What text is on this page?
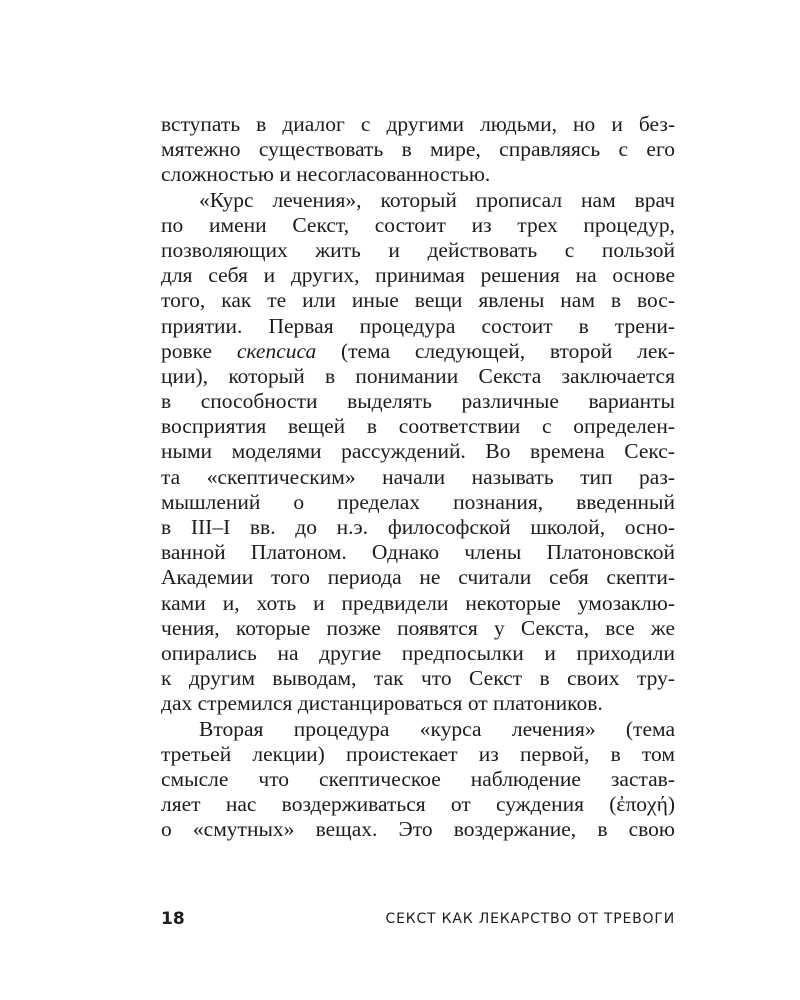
вступать в диалог с другими людьми, но и без-
мятежно существовать в мире, справляясь с его
сложностью и несогласованностью.
«Курс лечения», который прописал нам врач
по имени Секст, состоит из трех процедур,
позволяющих жить и действовать с пользой
для себя и других, принимая решения на основе
того, как те или иные вещи явлены нам в вос-
приятии. Первая процедура состоит в трени-
ровке скепсиса (тема следующей, второй лек-
ции), который в понимании Секста заключается
в способности выделять различные варианты
восприятия вещей в соответствии с определен-
ными моделями рассуждений. Во времена Секс-
та «скептическим» начали называть тип раз-
мышлений о пределах познания, введенный
в III–I вв. до н.э. философской школой, осно-
ванной Платоном. Однако члены Платоновской
Академии того периода не считали себя скепти-
ками и, хоть и предвидели некоторые умозаклю-
чения, которые позже появятся у Секста, все же
опирались на другие предпосылки и приходили
к другим выводам, так что Секст в своих тру-
дах стремился дистанцироваться от платоников.
Вторая процедура «курса лечения» (тема
третьей лекции) проистекает из первой, в том
смысле что скептическое наблюдение застав-
ляет нас воздерживаться от суждения (ἐποχή)
о «смутных» вещах. Это воздержание, в свою
18	СЕКСТ КАК ЛЕКАРСТВО ОТ ТРЕВОГИ
